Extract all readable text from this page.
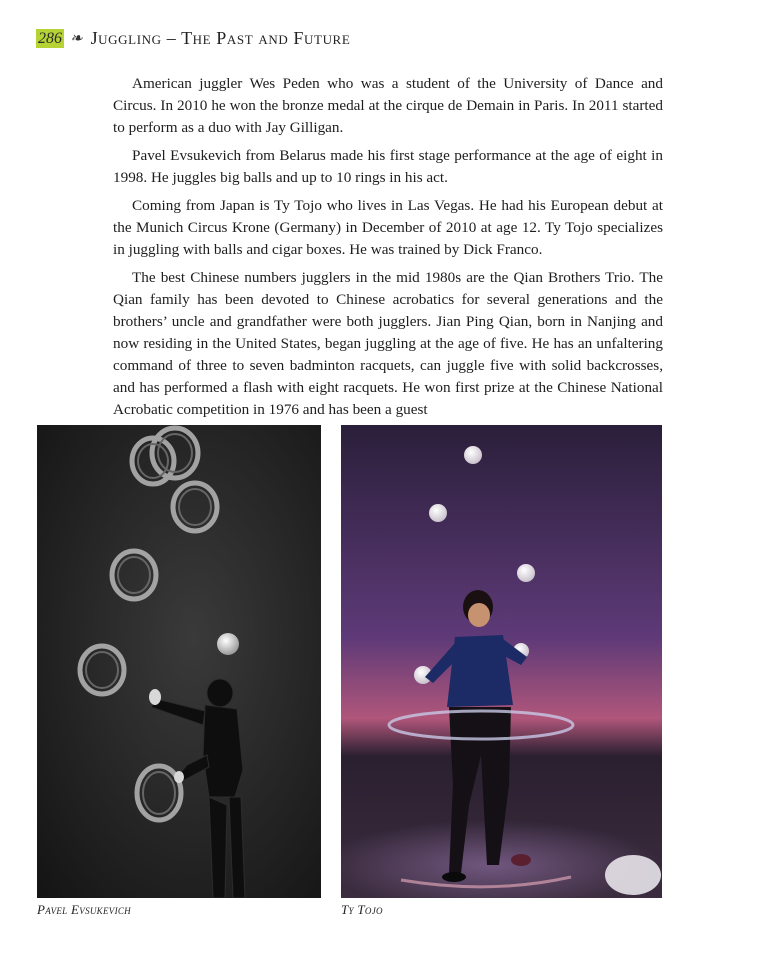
286 ❧ Juggling – The Past and Future

American juggler Wes Peden who was a student of the University of Dance and Circus. In 2010 he won the bronze medal at the cirque de Demain in Paris. In 2011 started to perform as a duo with Jay Gilligan.

Pavel Evsukevich from Belarus made his first stage performance at the age of eight in 1998. He juggles big balls and up to 10 rings in his act.

Coming from Japan is Ty Tojo who lives in Las Vegas. He had his European debut at the Munich Circus Krone (Germany) in December of 2010 at age 12. Ty Tojo specializes in juggling with balls and cigar boxes. He was trained by Dick Franco.

The best Chinese numbers jugglers in the mid 1980s are the Qian Brothers Trio. The Qian family has been devoted to Chinese acrobatics for several generations and the brothers’ uncle and grandfather were both jugglers. Jian Ping Qian, born in Nanjing and now residing in the United States, began juggling at the age of five. He has an unfaltering command of three to seven badminton racquets, can juggle five with solid backcrosses, and has performed a flash with eight racquets. He won first prize at the Chinese National Acrobatic competition in 1976 and has been a guest

Pavel Evsukevich	Ty Tojo
